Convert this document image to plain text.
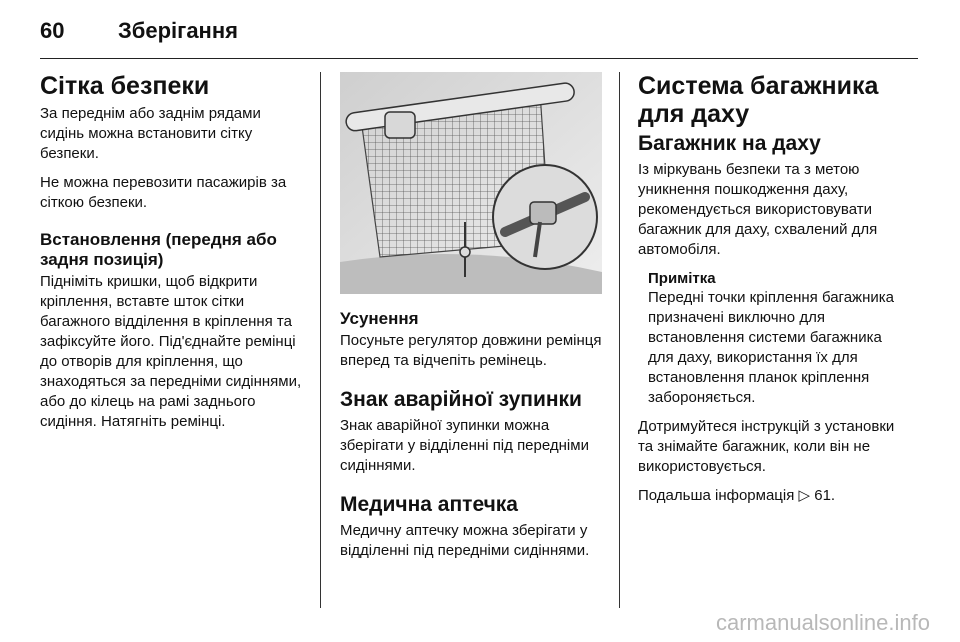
60 Зберігання
Сітка безпеки

За переднім або заднім рядами сидінь можна встановити сітку безпеки.

Не можна перевозити пасажирів за сіткою безпеки.

Встановлення (передня або задня позиція)

Підніміть кришки, щоб відкрити кріплення, вставте шток сітки багажного відділення в кріплення та зафіксуйте його. Під'єднайте ремінці до отворів для кріплення, що знаходяться за передніми сидіннями, або до кілець на рамі заднього сидіння. Натягніть ремінці.

Усунення

Посуньте регулятор довжини ремінця вперед та відчепіть ремінець.

Знак аварійної зупинки

Знак аварійної зупинки можна зберігати у відділенні під передніми сидіннями.

Медична аптечка

Медичну аптечку можна зберігати у відділенні під передніми сидіннями.

Система багажника для даху
Багажник на даху

Із міркувань безпеки та з метою уникнення пошкодження даху, рекомендується використовувати багажник для даху, схвалений для автомобіля.

Примітка

Передні точки кріплення багажника призначені виключно для встановлення системи багажника для даху, використання їх для встановлення планок кріплення забороняється.

Дотримуйтеся інструкцій з установки та знімайте багажник, коли він не використовується.

Подальша інформація ▷ 61.

carmanualsonline.info
